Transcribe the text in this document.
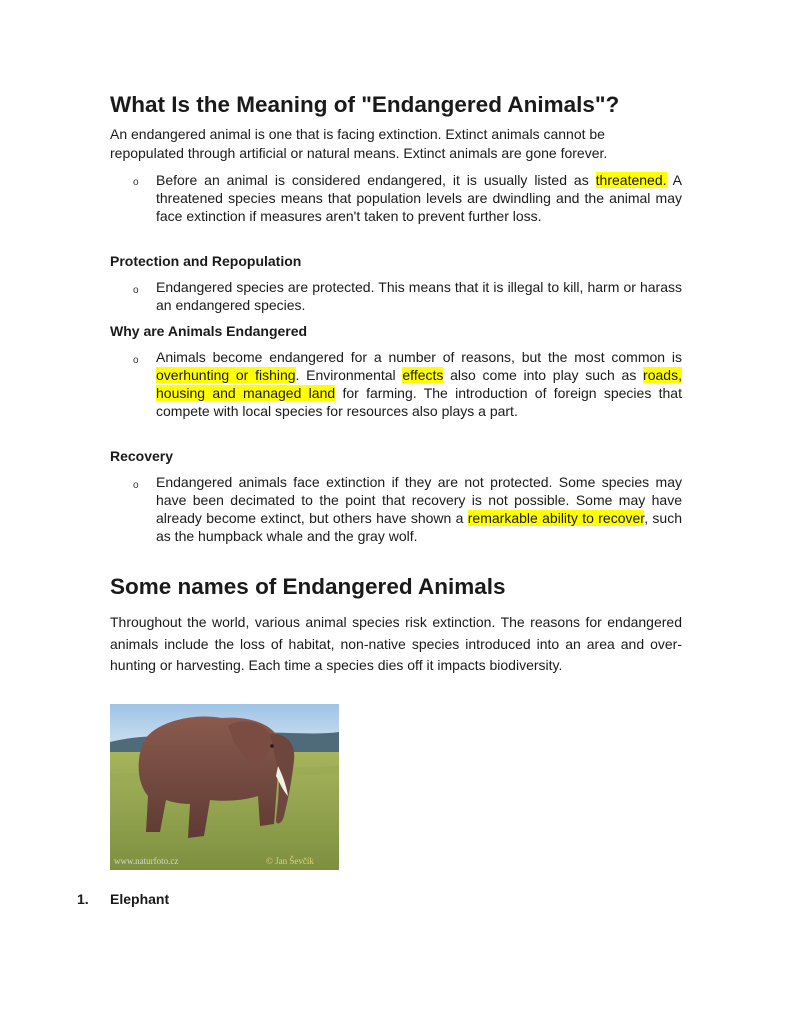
What Is the Meaning of "Endangered Animals"?

An endangered animal is one that is facing extinction. Extinct animals cannot be repopulated through artificial or natural means. Extinct animals are gone forever.

o Before an animal is considered endangered, it is usually listed as threatened. A threatened species means that population levels are dwindling and the animal may face extinction if measures aren't taken to prevent further loss.

Protection and Repopulation
o Endangered species are protected. This means that it is illegal to kill, harm or harass an endangered species.

Why are Animals Endangered
o Animals become endangered for a number of reasons, but the most common is overhunting or fishing. Environmental effects also come into play such as roads, housing and managed land for farming. The introduction of foreign species that compete with local species for resources also plays a part.

Recovery
o Endangered animals face extinction if they are not protected. Some species may have been decimated to the point that recovery is not possible. Some may have already become extinct, but others have shown a remarkable ability to recover, such as the humpback whale and the gray wolf.

Some names of Endangered Animals

Throughout the world, various animal species risk extinction. The reasons for endangered animals include the loss of habitat, non-native species introduced into an area and over-hunting or harvesting. Each time a species dies off it impacts biodiversity.

www.naturfoto.cz	© Jan Ševčík
1. Elephant
